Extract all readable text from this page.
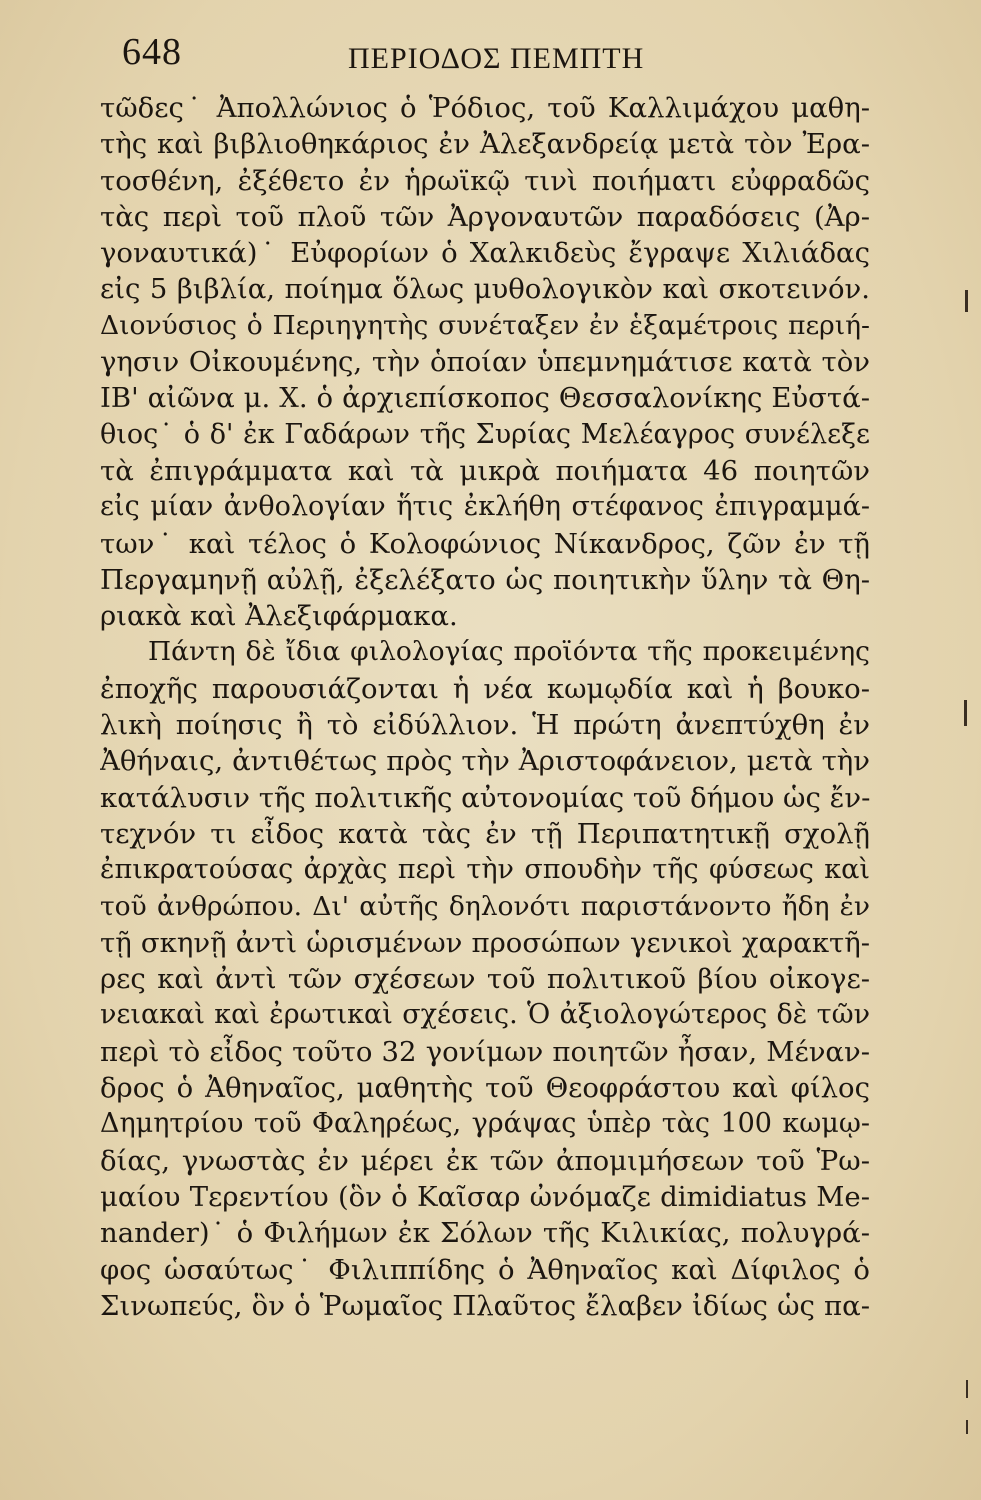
648	ΠΕΡΙΟΔΟΣ ΠΕΜΠΤΗ
τῶδες˙ Ἀπολλώνιος ὁ Ῥόδιος, τοῦ Καλλιμάχου μαθη-
τὴς καὶ βιβλιοθηκάριος ἐν Ἀλεξανδρείᾳ μετὰ τὸν Ἐρα-
τοσθένη, ἐξέθετο ἐν ἡρωϊκῷ τινὶ ποιήματι εὐφραδῶς
τὰς περὶ τοῦ πλοῦ τῶν Ἀργοναυτῶν παραδόσεις (Ἀρ-
γοναυτικά)˙ Εὐφορίων ὁ Χαλκιδεὺς ἔγραψε Χιλιάδας
εἰς 5 βιβλία, ποίημα ὅλως μυθολογικὸν καὶ σκοτεινόν.
Διονύσιος ὁ Περιηγητὴς συνέταξεν ἐν ἑξαμέτροις περιή-
γησιν Οἰκουμένης, τὴν ὁποίαν ὑπεμνημάτισε κατὰ τὸν
ΙΒ' αἰῶνα μ. Χ. ὁ ἀρχιεπίσκοπος Θεσσαλονίκης Εὐστά-
θιος˙ ὁ δ' ἐκ Γαδάρων τῆς Συρίας Μελέαγρος συνέλεξε
τὰ ἐπιγράμματα καὶ τὰ μικρὰ ποιήματα 46 ποιητῶν
εἰς μίαν ἀνθολογίαν ἥτις ἐκλήθη στέφανος ἐπιγραμμά-
των˙ καὶ τέλος ὁ Κολοφώνιος Νίκανδρος, ζῶν ἐν τῇ
Περγαμηνῇ αὐλῇ, ἐξελέξατο ὡς ποιητικὴν ὕλην τὰ Θη-
ριακὰ καὶ Ἀλεξιφάρμακα.
Πάντη δὲ ἴδια φιλολογίας προϊόντα τῆς προκειμένης
ἐποχῆς παρουσιάζονται ἡ νέα κωμῳδία καὶ ἡ βουκο-
λικὴ ποίησις ἢ τὸ εἰδύλλιον. Ἡ πρώτη ἀνεπτύχθη ἐν
Ἀθήναις, ἀντιθέτως πρὸς τὴν Ἀριστοφάνειον, μετὰ τὴν
κατάλυσιν τῆς πολιτικῆς αὐτονομίας τοῦ δήμου ὡς ἔν-
τεχνόν τι εἶδος κατὰ τὰς ἐν τῇ Περιπατητικῇ σχολῇ
ἐπικρατούσας ἀρχὰς περὶ τὴν σπουδὴν τῆς φύσεως καὶ
τοῦ ἀνθρώπου. Δι' αὐτῆς δηλονότι παριστάνοντο ἤδη ἐν
τῇ σκηνῇ ἀντὶ ὡρισμένων προσώπων γενικοὶ χαρακτῆ-
ρες καὶ ἀντὶ τῶν σχέσεων τοῦ πολιτικοῦ βίου οἰκογε-
νειακαὶ καὶ ἐρωτικαὶ σχέσεις. Ὁ ἀξιολογώτερος δὲ τῶν
περὶ τὸ εἶδος τοῦτο 32 γονίμων ποιητῶν ἦσαν, Μέναν-
δρος ὁ Ἀθηναῖος, μαθητὴς τοῦ Θεοφράστου καὶ φίλος
Δημητρίου τοῦ Φαληρέως, γράψας ὑπὲρ τὰς 100 κωμῳ-
δίας, γνωστὰς ἐν μέρει ἐκ τῶν ἀπομιμήσεων τοῦ Ῥω-
μαίου Τερεντίου (ὃν ὁ Καῖσαρ ὠνόμαζε dimidiatus Me-
nander)˙ ὁ Φιλήμων ἐκ Σόλων τῆς Κιλικίας, πολυγρά-
φος ὡσαύτως˙ Φιλιππίδης ὁ Ἀθηναῖος καὶ Δίφιλος ὁ
Σινωπεύς, ὃν ὁ Ῥωμαῖος Πλαῦτος ἔλαβεν ἰδίως ὡς πα-
